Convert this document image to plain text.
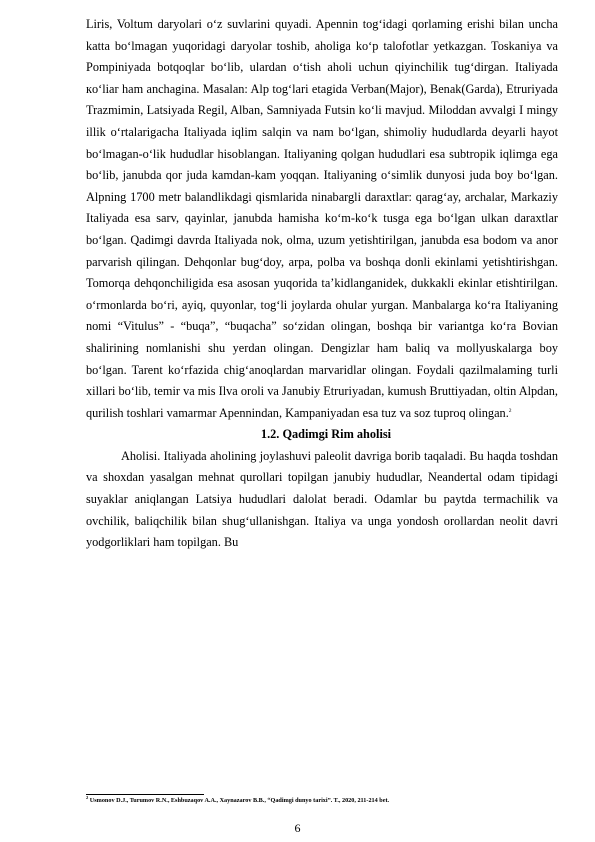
Liris, Voltum daryolari o‘z suvlarini quyadi. Apennin tog‘idagi qorlaming erishi bilan uncha katta bo‘lmagan yuqoridagi daryolar toshib, aholiga ko‘p talofotlar yetkazgan. Toskaniya va Pompiniyada botqoqlar bo‘lib, ulardan o‘tish aholi uchun qiyinchilik tug‘dirgan. Italiyada кo‘liar ham anchagina. Masalan: Alp tog‘lari etagida Verban(Major), Benak(Garda), Etruriyada Trazmimin, Latsiyada Regil, Alban, Samniyada Futsin ko‘li mavjud. Miloddan avvalgi I mingy illik o‘rtalarigacha Italiyada iqlim salqin va nam bo‘lgan, shimoliy hududlarda deyarli hayot bo‘lmagan-o‘lik hududlar hisoblangan. Italiyaning qolgan hududlari esa subtropik iqlimga ega bo‘lib, janubda qor juda kamdan-kam yoqqan. Italiyaning o‘simlik dunyosi juda boy bo‘lgan. Alpning 1700 metr balandlikdagi qismlarida ninabargli daraxtlar: qarag‘ay, archalar, Markaziy Italiyada esa sarv, qayinlar, janubda hamisha ko‘m-ko‘k tusga ega bo‘lgan ulkan daraxtlar bo‘lgan. Qadimgi davrda Italiyada nok, olma, uzum yetishtirilgan, janubda esa bodom va anor parvarish qilingan. Dehqonlar bug‘doy, arpa, polba va boshqa donli ekinlami yetishtirishgan. Tomorqa dehqonchiligida esa asosan yuqorida ta’kidlanganidek, dukkakli ekinlar etishtirilgan. o‘rmonlarda bo‘ri, ayiq, quyonlar, tog‘li joylarda ohular yurgan. Manbalarga ko‘ra Italiyaning nomi “Vitulus” - “buqa”, “buqacha” so‘zidan olingan, boshqa bir variantga ko‘ra Bovian shalirining nomlanishi shu yerdan olingan. Dengizlar ham baliq va mollyuskalarga boy bo‘lgan. Tarent ko‘rfazida chig‘anoqlardan marvaridlar olingan. Foydali qazilmalaming turli xillari bo‘lib, temir va mis Ilva oroli va Janubiy Etruriyadan, kumush Bruttiyadan, oltin Alpdan, qurilish toshlari vamarmar Apennindan, Kampaniyadan esa tuz va soz tuproq olingan.$^2$

1.2. Qadimgi Rim aholisi

Aholisi. Italiyada aholining joylashuvi paleolit davriga borib taqaladi. Bu haqda toshdan va shoxdan yasalgan mehnat qurollari topilgan janubiy hududlar, Neandertal odam tipidagi suyaklar aniqlangan Latsiya hududlari dalolat beradi. Odamlar bu paytda termachilik va ovchilik, baliqchilik bilan shug‘ullanishgan. Italiya va unga yondosh orollardan neolit davri yodgorliklari ham topilgan. Bu

$^2$ Usmonov D.J., Turumov R.N., Eshbuzaqov A.A., Xaynazarov B.B., “Qadimgi dunyo tarixi”. T., 2020, 211-214 bet.

6
